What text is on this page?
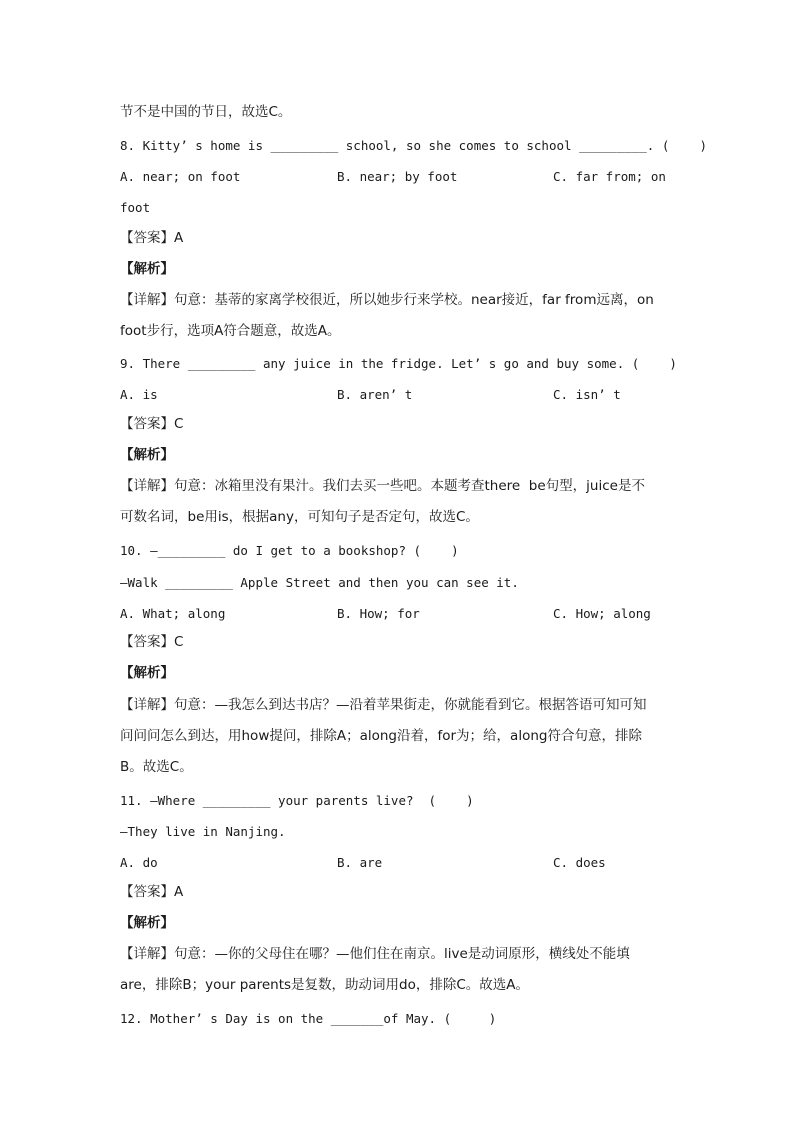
节不是中国的节日，故选C。
8. Kitty’ s home is _________ school, so she comes to school _________. (    )
A. near; on foot	B. near; by foot	C. far from; on
foot
【答案】A
【解析】
【详解】句意：基蒂的家离学校很近，所以她步行来学校。near接近，far from远离，on
foot步行，选项A符合题意，故选A。
9. There _________ any juice in the fridge. Let’ s go and buy some. (    )
A. is	B. aren’ t	C. isn’ t
【答案】C
【解析】
【详解】句意：冰箱里没有果汁。我们去买一些吧。本题考查there  be句型，juice是不
可数名词，be用is，根据any，可知句子是否定句，故选C。
10. —_________ do I get to a bookshop? (    )
—Walk _________ Apple Street and then you can see it.
A. What; along	B. How; for	C. How; along
【答案】C
【解析】
【详解】句意：—我怎么到达书店？—沿着苹果街走，你就能看到它。根据答语可知可知
问问问怎么到达，用how提问，排除A；along沿着，for为；给，along符合句意，排除
B。故选C。
11. —Where _________ your parents live?  (    )
—They live in Nanjing.
A. do	B. are	C. does
【答案】A
【解析】
【详解】句意：—你的父母住在哪？—他们住在南京。live是动词原形，横线处不能填
are，排除B；your parents是复数，助动词用do，排除C。故选A。
12. Mother’ s Day is on the _______of May. (     )
